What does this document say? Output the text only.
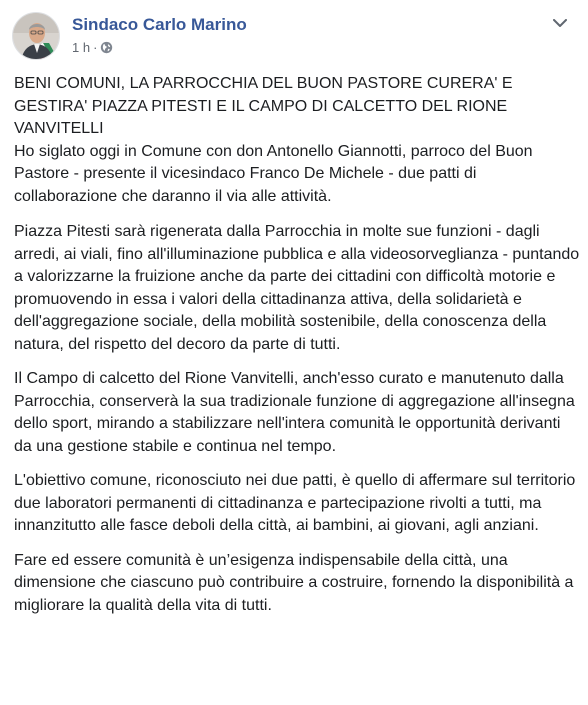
Sindaco Carlo Marino
1 h ·

BENI COMUNI, LA PARROCCHIA DEL BUON PASTORE CURERA' E GESTIRA' PIAZZA PITESTI E IL CAMPO DI CALCETTO DEL RIONE VANVITELLI
Ho siglato oggi in Comune con don Antonello Giannotti, parroco del Buon Pastore - presente il vicesindaco Franco De Michele - due patti di collaborazione che daranno il via alle attività.

Piazza Pitesti sarà rigenerata dalla Parrocchia in molte sue funzioni - dagli arredi, ai viali, fino all'illuminazione pubblica e alla videosorveglianza - puntando a valorizzarne la fruizione anche da parte dei cittadini con difficoltà motorie e promuovendo in essa i valori della cittadinanza attiva, della solidarietà e dell'aggregazione sociale, della mobilità sostenibile, della conoscenza della natura, del rispetto del decoro da parte di tutti.

Il Campo di calcetto del Rione Vanvitelli, anch'esso curato e manutenuto dalla Parrocchia, conserverà la sua tradizionale funzione di aggregazione all'insegna dello sport, mirando a stabilizzare nell'intera comunità le opportunità derivanti da una gestione stabile e continua nel tempo.

L'obiettivo comune, riconosciuto nei due patti, è quello di affermare sul territorio due laboratori permanenti di cittadinanza e partecipazione rivolti a tutti, ma innanzitutto alle fasce deboli della città, ai bambini, ai giovani, agli anziani.

Fare ed essere comunità è un’esigenza indispensabile della città, una dimensione che ciascuno può contribuire a costruire, fornendo la disponibilità a migliorare la qualità della vita di tutti.
